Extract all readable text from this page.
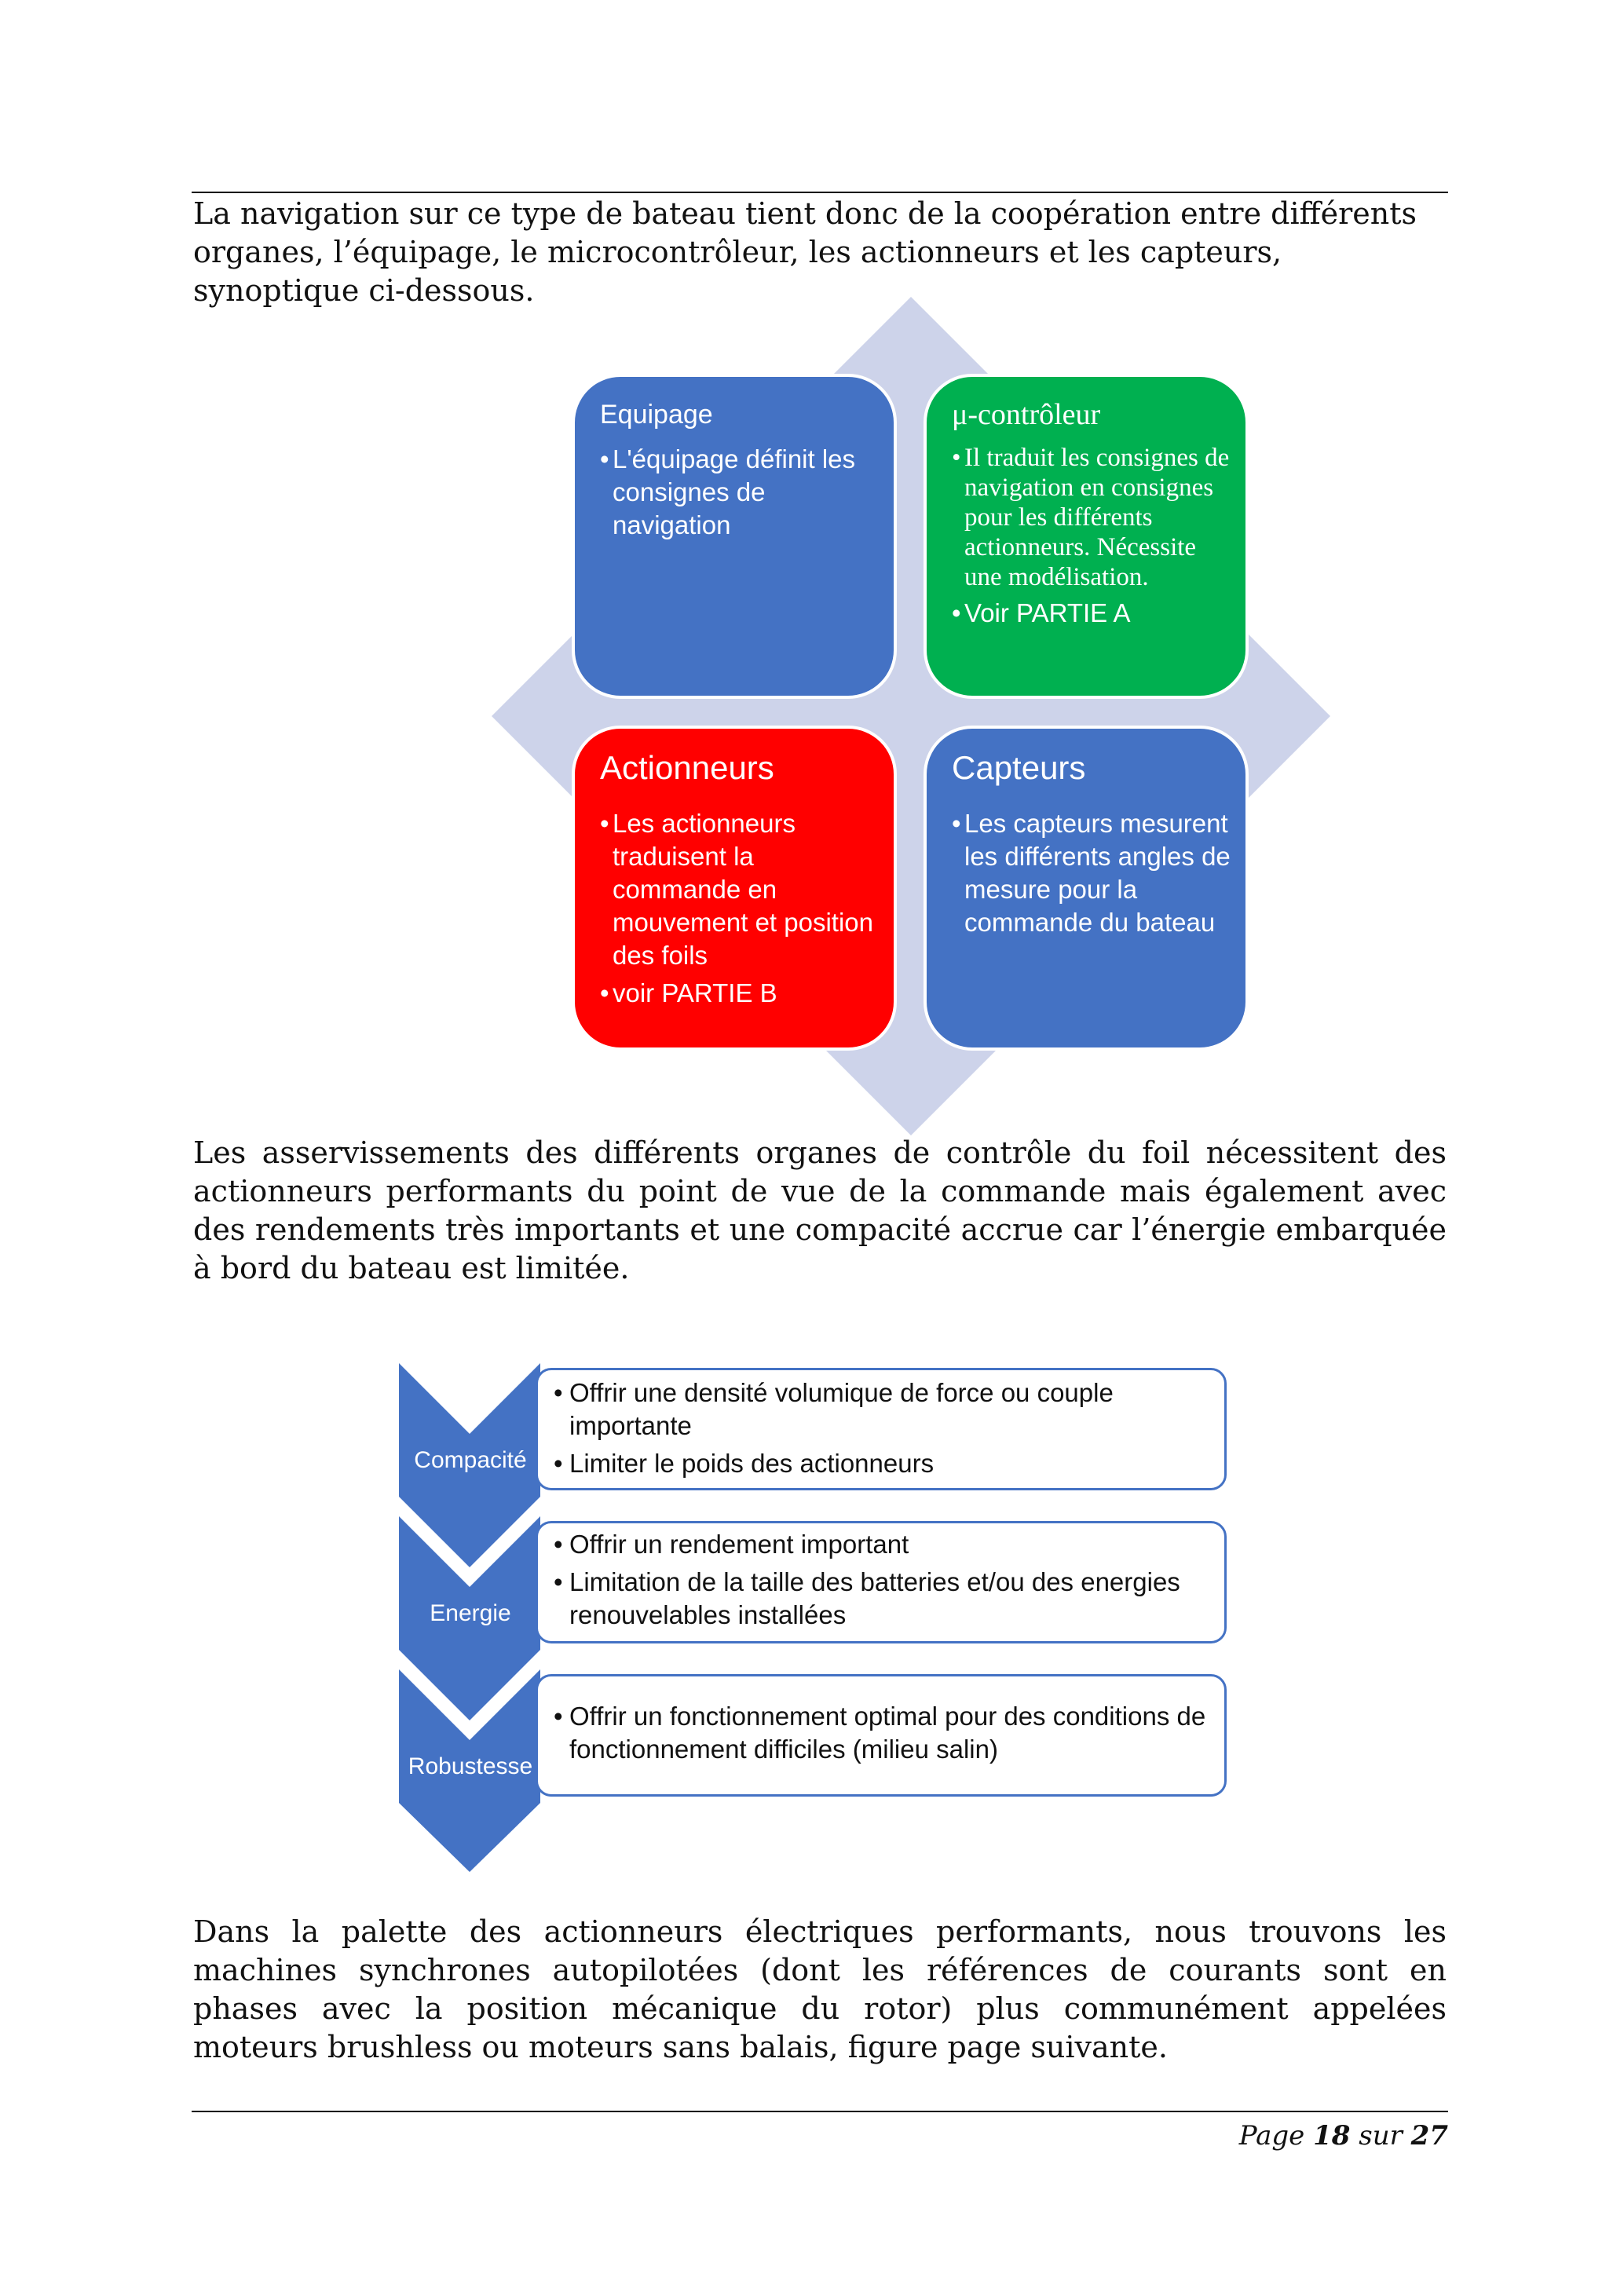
La navigation sur ce type de bateau tient donc de la coopération entre différents organes, l’équipage, le microcontrôleur, les actionneurs et les capteurs, synoptique ci-dessous.

Equipage
• L'équipage définit les consignes de navigation
μ-contrôleur
• Il traduit les consignes de navigation en consignes pour les différents actionneurs. Nécessite une modélisation.
• Voir PARTIE A
Actionneurs
• Les actionneurs traduisent la commande en mouvement et position des foils
• voir PARTIE B
Capteurs
• Les capteurs mesurent les différents angles de mesure pour la commande du bateau

Les asservissements des différents organes de contrôle du foil nécessitent des actionneurs performants du point de vue de la commande mais également avec des rendements très importants et une compacité accrue car l’énergie embarquée à bord du bateau est limitée.

Compacité
Energie
Robustesse
• Offrir une densité volumique de force ou couple importante
• Limiter le poids des actionneurs
• Offrir un rendement important
• Limitation de la taille des batteries et/ou des energies renouvelables installées
• Offrir un fonctionnement optimal pour des conditions de fonctionnement difficiles (milieu salin)

Dans la palette des actionneurs électriques performants, nous trouvons les machines synchrones autopilotées (dont les références de courants sont en phases avec la position mécanique du rotor) plus communément appelées moteurs brushless ou moteurs sans balais, figure page suivante.

Page 18 sur 27
